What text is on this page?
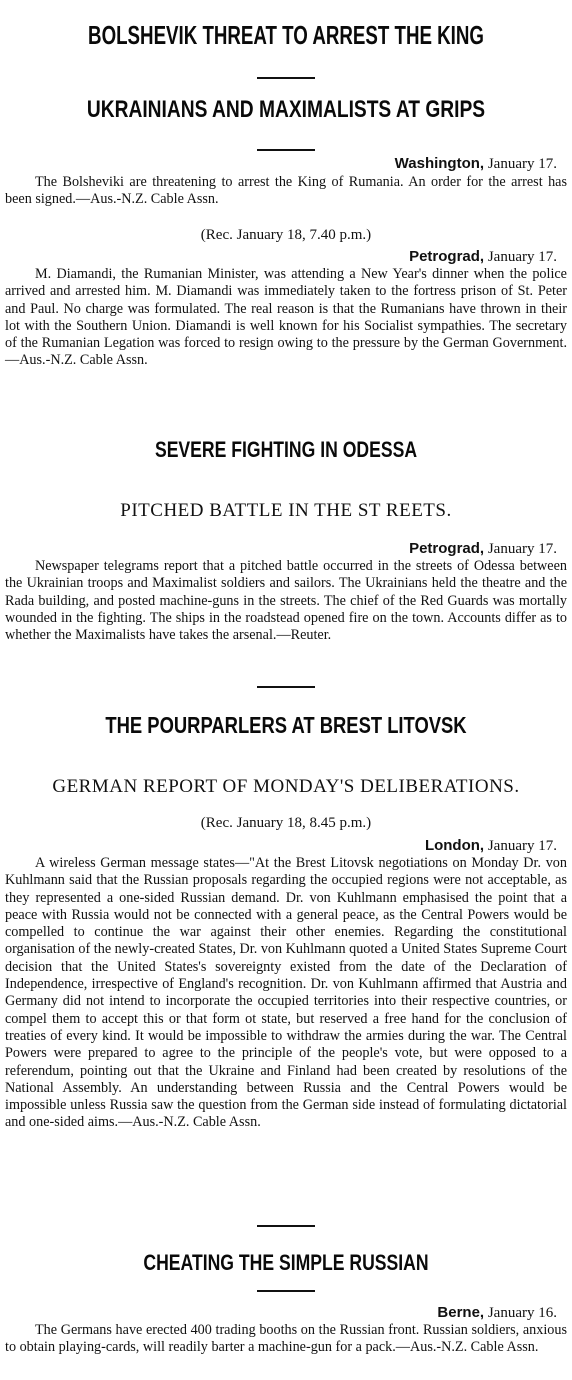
BOLSHEVIK THREAT TO ARREST THE KING
UKRAINIANS AND MAXIMALISTS AT GRIPS
Washington, January 17.

The Bolsheviki are threatening to arrest the King of Rumania. An order for the arrest has been signed.—Aus.-N.Z. Cable Assn.

(Rec. January 18, 7.40 p.m.)
Petrograd, January 17.

M. Diamandi, the Rumanian Minister, was attending a New Year's dinner when the police arrived and arrested him. M. Diamandi was immediately taken to the fortress prison of St. Peter and Paul. No charge was formulated. The real reason is that the Rumanians have thrown in their lot with the Southern Union. Diamandi is well known for his Socialist sympathies. The secretary of the Rumanian Legation was forced to resign owing to the pressure by the German Government.—Aus.-N.Z. Cable Assn.

SEVERE FIGHTING IN ODESSA
PITCHED BATTLE IN THE ST REETS.
Petrograd, January 17.

Newspaper telegrams report that a pitched battle occurred in the streets of Odessa between the Ukrainian troops and Maximalist soldiers and sailors. The Ukrainians held the theatre and the Rada building, and posted machine-guns in the streets. The chief of the Red Guards was mortally wounded in the fighting. The ships in the roadstead opened fire on the town. Accounts differ as to whether the Maximalists have takes the arsenal.—Reuter.

THE POURPARLERS AT BREST LITOVSK
GERMAN REPORT OF MONDAY'S DELIBERATIONS.
(Rec. January 18, 8.45 p.m.)
London, January 17.

A wireless German message states—"At the Brest Litovsk negotiations on Monday Dr. von Kuhlmann said that the Russian proposals regarding the occupied regions were not acceptable, as they represented a one-sided Russian demand. Dr. von Kuhlmann emphasised the point that a peace with Russia would not be connected with a general peace, as the Central Powers would be compelled to continue the war against their other enemies. Regarding the constitutional organisation of the newly-created States, Dr. von Kuhlmann quoted a United States Supreme Court decision that the United States's sovereignty existed from the date of the Declaration of Independence, irrespective of England's recognition. Dr. von Kuhlmann affirmed that Austria and Germany did not intend to incorporate the occupied territories into their respective countries, or compel them to accept this or that form ot state, but reserved a free hand for the conclusion of treaties of every kind. It would be impossible to withdraw the armies during the war. The Central Powers were prepared to agree to the principle of the people's vote, but were opposed to a referendum, pointing out that the Ukraine and Finland had been created by resolutions of the National Assembly. An understanding between Russia and the Central Powers would be impossible unless Russia saw the question from the German side instead of formulating dictatorial and one-sided aims.—Aus.-N.Z. Cable Assn.

CHEATING THE SIMPLE RUSSIAN
Berne, January 16.

The Germans have erected 400 trading booths on the Russian front. Russian soldiers, anxious to obtain playing-cards, will readily barter a machine-gun for a pack.—Aus.-N.Z. Cable Assn.
